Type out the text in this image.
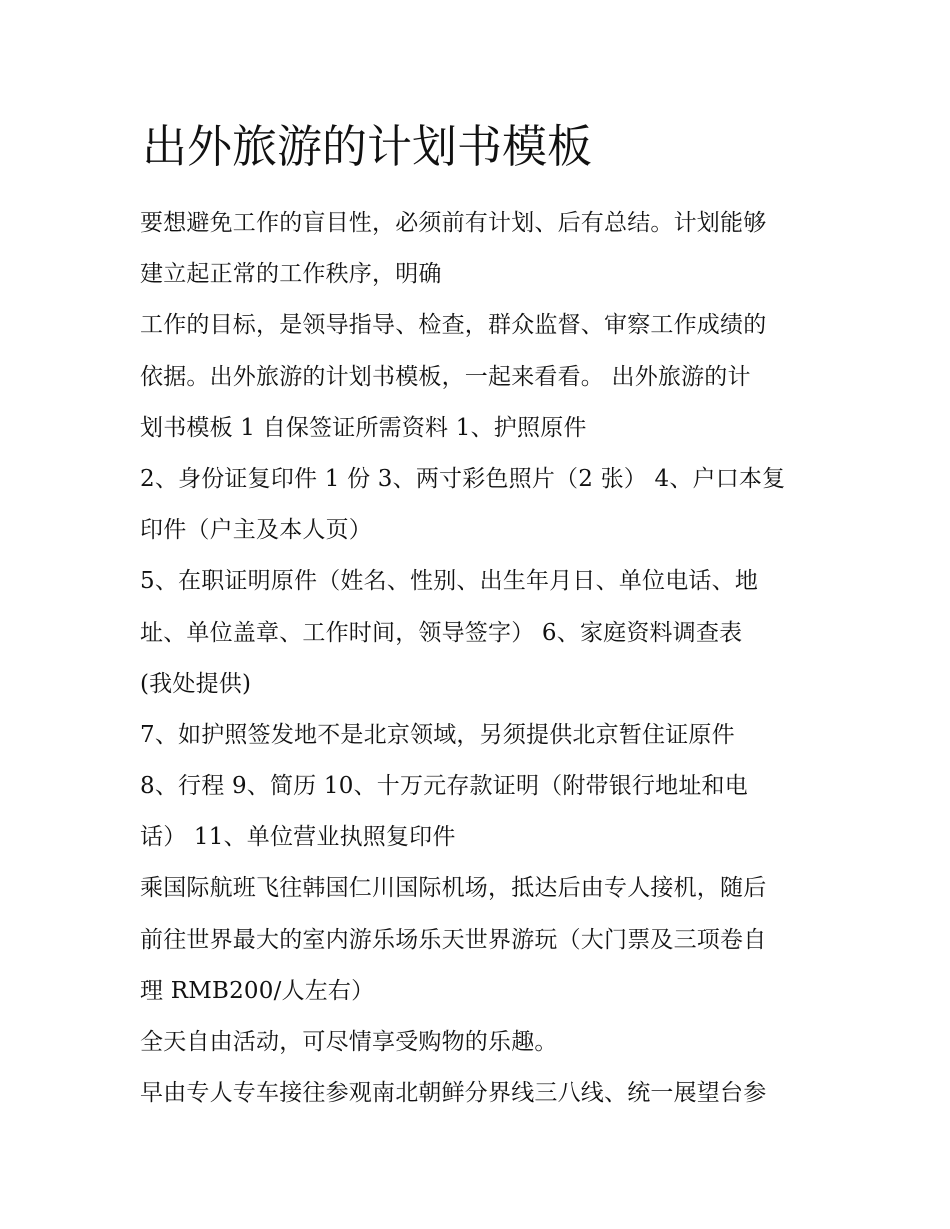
出外旅游的计划书模板
要想避免工作的盲目性，必须前有计划、后有总结。计划能够
建立起正常的工作秩序，明确
工作的目标，是领导指导、检查，群众监督、审察工作成绩的
依据。出外旅游的计划书模板，一起来看看。 出外旅游的计
划书模板 1 自保签证所需资料 1、护照原件
2、身份证复印件 1 份 3、两寸彩色照片（2 张） 4、户口本复
印件（户主及本人页）
5、在职证明原件（姓名、性别、出生年月日、单位电话、地
址、单位盖章、工作时间，领导签字） 6、家庭资料调查表
(我处提供)
7、如护照签发地不是北京领域，另须提供北京暂住证原件
8、行程 9、简历 10、十万元存款证明（附带银行地址和电
话） 11、单位营业执照复印件
乘国际航班飞往韩国仁川国际机场，抵达后由专人接机，随后
前往世界最大的室内游乐场乐天世界游玩（大门票及三项卷自
理 RMB200/人左右）
全天自由活动，可尽情享受购物的乐趣。
早由专人专车接往参观南北朝鲜分界线三八线、统一展望台参
